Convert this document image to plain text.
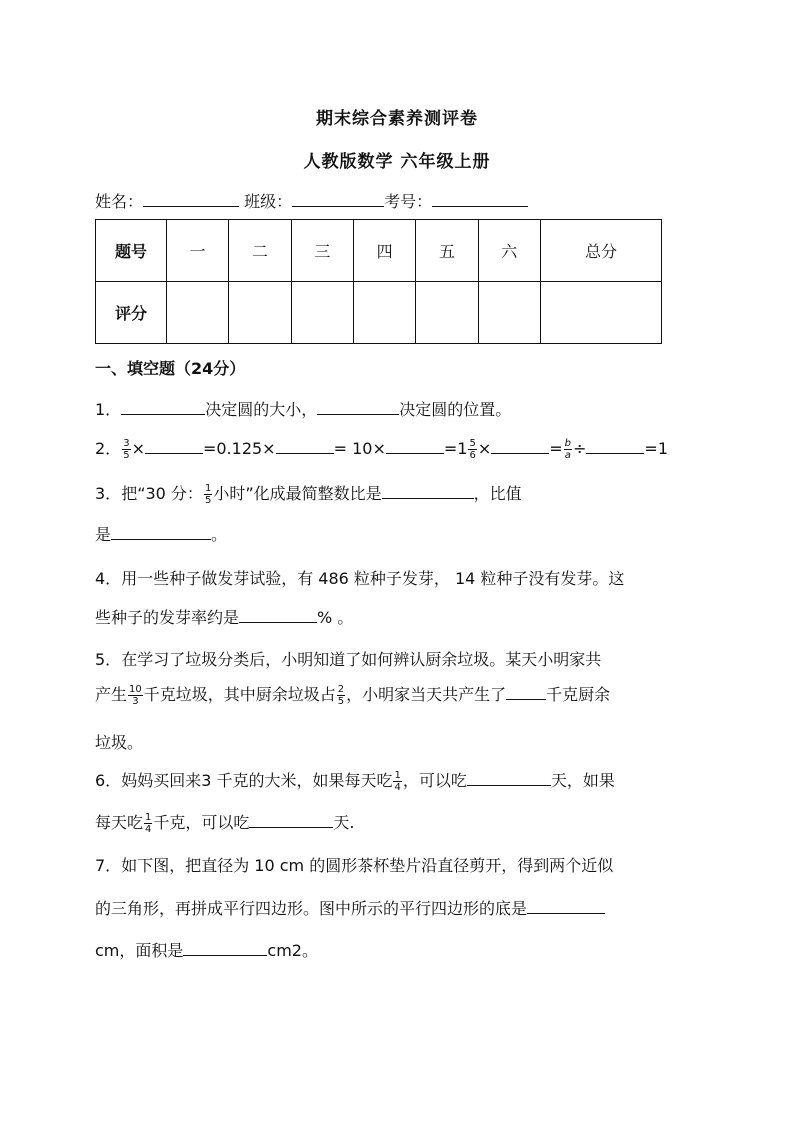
期末综合素养测评卷
人教版数学 六年级上册
姓名：	班级：	考号：
题号	一	二	三	四	五	六	总分
评分							
一、填空题（24分）
1．	决定圆的大小，	决定圆的位置。
2． $\frac{3}{5}$ ×	=0.125×	= 10×	$=1 \frac{5}{6}$ ×	= $\frac{b}{a}$ ÷	=1
3．把“30 分： $\frac{1}{5}$ 小时”化成最简整数比是	，比值
是	。
4．用一些种子做发芽试验，有 486 粒种子发芽， 14 粒种子没有发芽。这
些种子的发芽率约是	% 。
5．在学习了垃圾分类后，小明知道了如何辨认厨余垃圾。某天小明家共
产生 $\frac{10}{3}$ 千克垃圾，其中厨余垃圾占 $\frac{2}{5}$ ，小明家当天共产生了	千克厨余
垃圾。
6．妈妈买回来3 千克的大米，如果每天吃 $\frac{1}{4}$ ，可以吃	天，如果
每天吃 $\frac{1}{4}$ 千克，可以吃	天.
7．如下图，把直径为 10 cm 的圆形茶杯垫片沿直径剪开，得到两个近似
的三角形，再拼成平行四边形。图中所示的平行四边形的底是
cm，面积是	cm2。
